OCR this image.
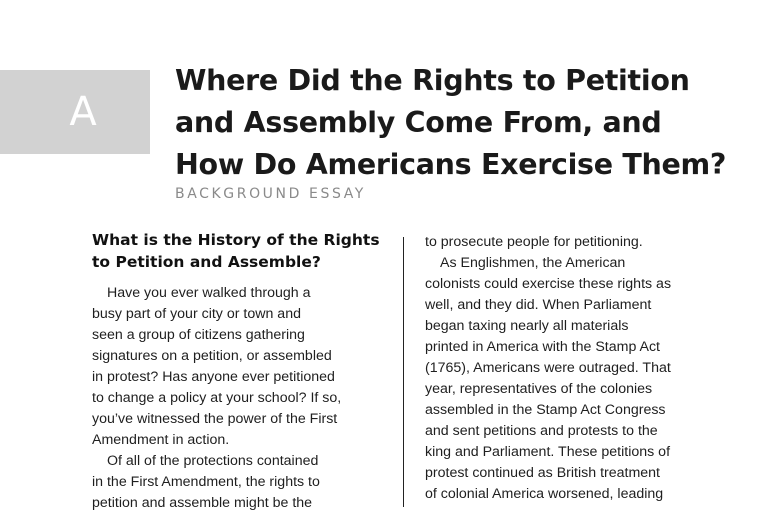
A
Where Did the Rights to Petition
and Assembly Come From, and
How Do Americans Exercise Them?
BACKGROUND ESSAY
What is the History of the Rights
to Petition and Assemble?

Have you ever walked through a
busy part of your city or town and
seen a group of citizens gathering
signatures on a petition, or assembled
in protest? Has anyone ever petitioned
to change a policy at your school? If so,
you’ve witnessed the power of the First
Amendment in action.

Of all of the protections contained
in the First Amendment, the rights to
petition and assemble might be the

to prosecute people for petitioning.

As Englishmen, the American
colonists could exercise these rights as
well, and they did. When Parliament
began taxing nearly all materials
printed in America with the Stamp Act
(1765), Americans were outraged. That
year, representatives of the colonies
assembled in the Stamp Act Congress
and sent petitions and protests to the
king and Parliament. These petitions of
protest continued as British treatment
of colonial America worsened, leading
